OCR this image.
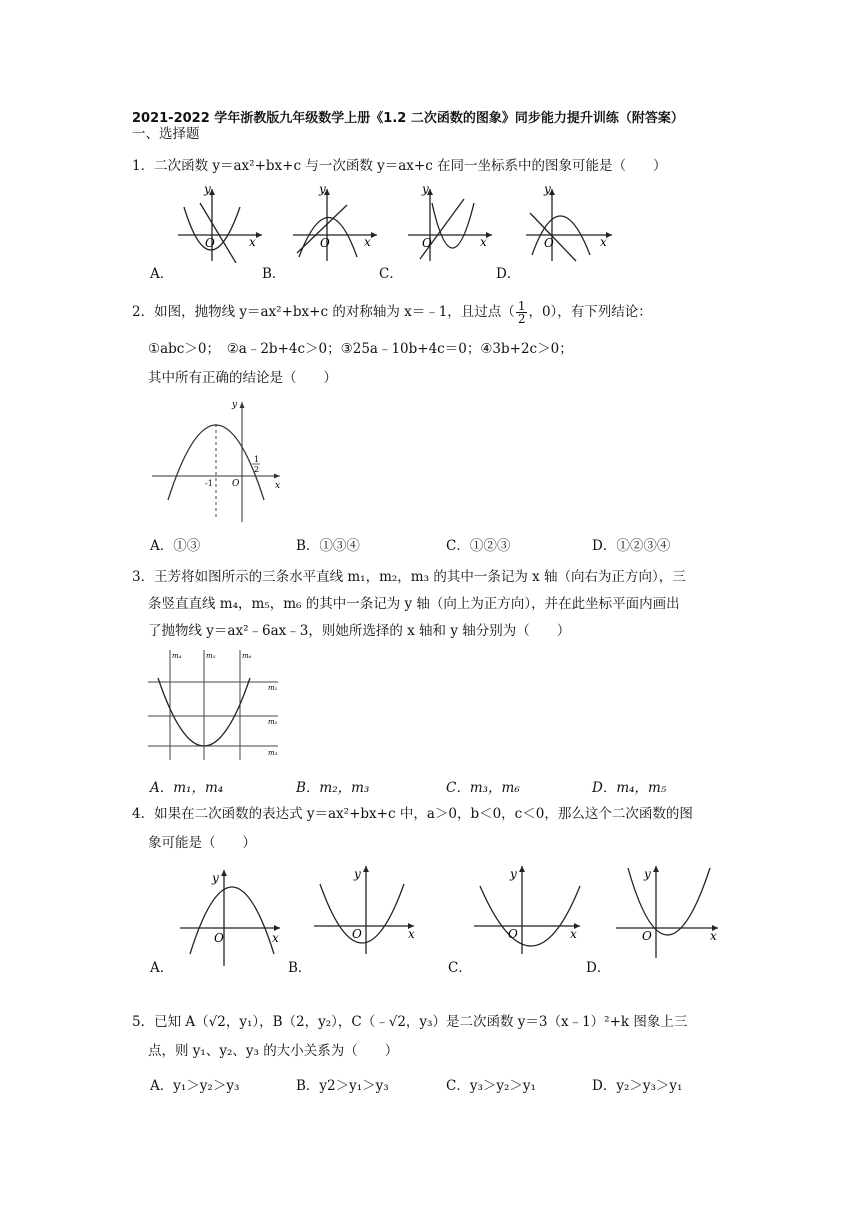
2021-2022 学年浙教版九年级数学上册《1.2 二次函数的图象》同步能力提升训练（附答案）
一、选择题
1．二次函数 y＝ax²+bx+c 与一次函数 y＝ax+c 在同一坐标系中的图象可能是（　　）
y
x
O
y
x
O
y
x
O
y
x
O
A．	B．	C．	D．
2．如图，抛物线 y＝ax²+bx+c 的对称轴为 x＝﹣1，且过点（ $\frac{1}{2}$ ，0），有下列结论：
①abc＞0；　②a﹣2b+4c＞0；③25a﹣10b+4c＝0；④3b+2c＞0；
其中所有正确的结论是（　　）
y
x
O
-1
1
2
A．①③	B．①③④	C．①②③	D．①②③④
3．王芳将如图所示的三条水平直线 m₁，m₂，m₃ 的其中一条记为 x 轴（向右为正方向），三
条竖直直线 m₄，m₅，m₆ 的其中一条记为 y 轴（向上为正方向），并在此坐标平面内画出
了抛物线 y＝ax²﹣6ax﹣3，则她所选择的 x 轴和 y 轴分别为（　　）
m₄	m₅	m₆
m₁
m₂
m₃
A．m₁，m₄	B．m₂，m₃	C．m₃，m₆	D．m₄，m₅
4．如果在二次函数的表达式 y＝ax²+bx+c 中，a＞0，b＜0，c＜0，那么这个二次函数的图
象可能是（　　）
y
x
O
y
x
O
y
x
O
y
x
O
A．	B．	C．	D．
5．已知 A（√2，y₁），B（2，y₂），C（﹣√2，y₃）是二次函数 y＝3（x﹣1）²+k 图象上三
点，则 y₁、y₂、y₃ 的大小关系为（　　）
A．y₁＞y₂＞y₃	B．y2＞y₁＞y₃	C．y₃＞y₂＞y₁	D．y₂＞y₃＞y₁
